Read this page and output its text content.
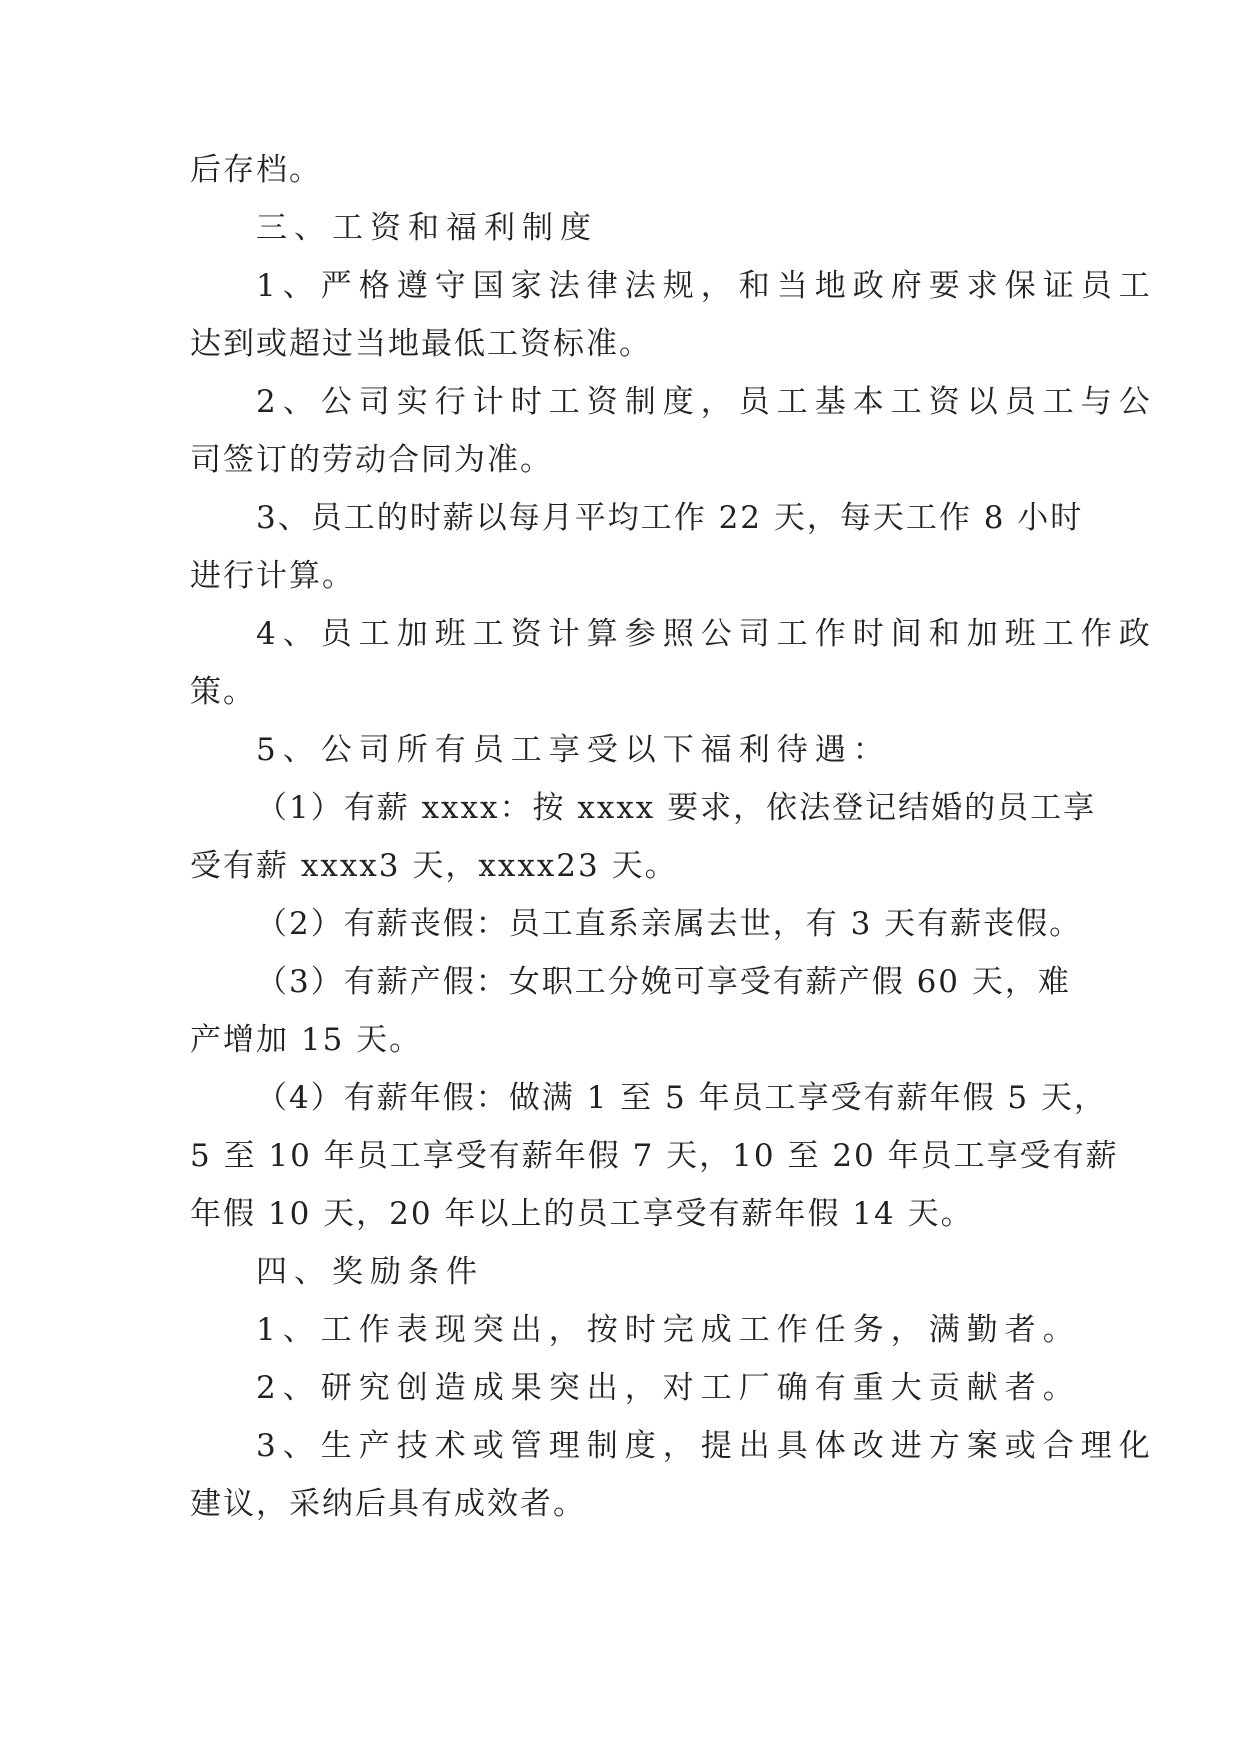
后存档。
三、工资和福利制度
1、严格遵守国家法律法规，和当地政府要求保证员工
达到或超过当地最低工资标准。
2、公司实行计时工资制度，员工基本工资以员工与公
司签订的劳动合同为准。
3、员工的时薪以每月平均工作 22 天，每天工作 8 小时
进行计算。
4、员工加班工资计算参照公司工作时间和加班工作政
策。
5、公司所有员工享受以下福利待遇：
（1）有薪 xxxx：按 xxxx 要求，依法登记结婚的员工享
受有薪 xxxx3 天，xxxx23 天。
（2）有薪丧假：员工直系亲属去世，有 3 天有薪丧假。
（3）有薪产假：女职工分娩可享受有薪产假 60 天，难
产增加 15 天。
（4）有薪年假：做满 1 至 5 年员工享受有薪年假 5 天，
5 至 10 年员工享受有薪年假 7 天，10 至 20 年员工享受有薪
年假 10 天，20 年以上的员工享受有薪年假 14 天。
四、奖励条件
1、工作表现突出，按时完成工作任务，满勤者。
2、研究创造成果突出，对工厂确有重大贡献者。
3、生产技术或管理制度，提出具体改进方案或合理化
建议，采纳后具有成效者。
